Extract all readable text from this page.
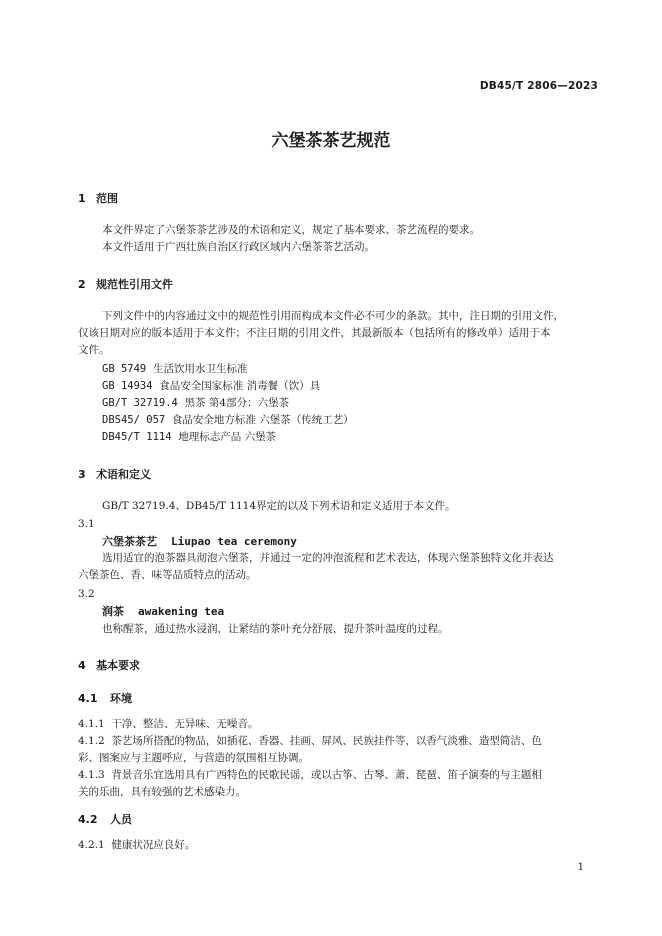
DB45/T 2806—2023
六堡茶茶艺规范
1 范围
本文件界定了六堡茶茶艺涉及的术语和定义，规定了基本要求、茶艺流程的要求。
本文件适用于广西壮族自治区行政区域内六堡茶茶艺活动。
2 规范性引用文件
下列文件中的内容通过文中的规范性引用而构成本文件必不可少的条款。其中，注日期的引用文件，
仅该日期对应的版本适用于本文件；不注日期的引用文件，其最新版本（包括所有的修改单）适用于本
文件。
GB 5749 生活饮用水卫生标准
GB 14934 食品安全国家标准 消毒餐（饮）具
GB/T 32719.4 黑茶 第4部分：六堡茶
DBS45/ 057 食品安全地方标准 六堡茶（传统工艺）
DB45/T 1114 地理标志产品 六堡茶
3 术语和定义
GB/T 32719.4、DB45/T 1114界定的以及下列术语和定义适用于本文件。
3.1
六堡茶茶艺 Liupao tea ceremony
选用适宜的泡茶器具沏泡六堡茶，并通过一定的冲泡流程和艺术表达，体现六堡茶独特文化并表达
六堡茶色、香、味等品质特点的活动。
3.2
润茶 awakening tea
也称醒茶，通过热水浸润，让紧结的茶叶充分舒展，提升茶叶温度的过程。
4 基本要求
4.1 环境
4.1.1 干净、整洁、无异味、无噪音。
4.1.2 茶艺场所搭配的物品，如插花、香器、挂画、屏风、民族挂件等，以香气淡雅、造型简洁、色
彩、图案应与主题呼应，与营造的氛围相互协调。
4.1.3 背景音乐宜选用具有广西特色的民歌民谣，或以古筝、古琴、萧、琵琶、笛子演奏的与主题相
关的乐曲，具有较强的艺术感染力。
4.2 人员
4.2.1 健康状况应良好。
1
